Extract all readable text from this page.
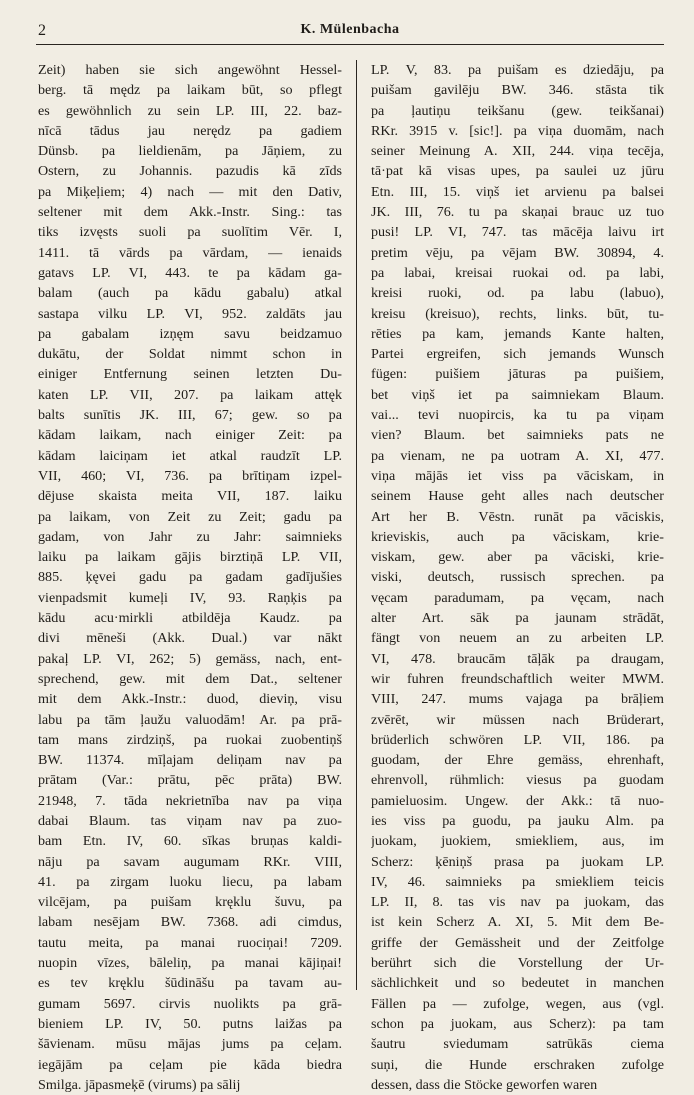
2	K. Mülenbacha
Zeit) haben sie sich angewöhnt Hessel-
berg. tā mędz pa laikam būt, so pflegt
es gewöhnlich zu sein LP. III, 22. baz-
nīcā tādus jau nerędz pa gadiem
Dünsb. pa lieldienām, pa Jāņiem, zu
Ostern, zu Johannis. pazudis kā zīds
pa Miķeļiem; 4) nach — mit den Dativ,
seltener mit dem Akk.-Instr. Sing.: tas
tiks izvęsts suoli pa suolītim Vēr. I,
1411. tā vārds pa vārdam, — ienaids
gatavs LP. VI, 443. te pa kādam ga-
balam (auch pa kādu gabalu) atkal
sastapa vilku LP. VI, 952. zaldāts jau
pa gabalam izņęm savu beidzamuo
dukātu, der Soldat nimmt schon in
einiger Entfernung seinen letzten Du-
katen LP. VII, 207. pa laikam attęk
balts sunītis JK. III, 67; gew. so pa
kādam laikam, nach einiger Zeit: pa
kādam laiciņam iet atkal raudzīt LP.
VII, 460; VI, 736. pa brītiņam izpel-
dējuse skaista meita VII, 187. laiku
pa laikam, von Zeit zu Zeit; gadu pa
gadam, von Jahr zu Jahr: saimnieks
laiku pa laikam gājis birztiņā LP. VII,
885. ķęvei gadu pa gadam gadījušies
vienpadsmit kumeļi IV, 93. Raņķis pa
kādu acu·mirkli atbildēja Kaudz. pa
divi mēneši (Akk. Dual.) var nākt
pakaļ LP. VI, 262; 5) gemäss, nach, ent-
sprechend, gew. mit dem Dat., seltener
mit dem Akk.-Instr.: duod, dieviņ, visu
labu pa tām ļaužu valuodām! Ar. pa prā-
tam mans zirdziņš, pa ruokai zuobentiņš
BW. 11374. mīļajam deliņam nav pa
prātam (Var.: prātu, pēc prāta) BW.
21948, 7. tāda nekrietnība nav pa viņa
dabai Blaum. tas viņam nav pa zuo-
bam Etn. IV, 60. sīkas bruņas kaldi-
nāju pa savam augumam RKr. VIII,
41. pa zirgam luoku liecu, pa labam
vilcējam, pa puišam kręklu šuvu, pa
labam nesējam BW. 7368. adi cimdus,
tautu meita, pa manai ruociņai! 7209.
nuopin vīzes, bāleliņ, pa manai kājiņai!
es tev kręklu šūdināšu pa tavam au-
gumam 5697. cirvis nuolikts pa grā-
bieniem LP. IV, 50. putns laižas pa
šāvienam. mūsu mājas jums pa ceļam.
iegājām pa ceļam pie kāda biedra
Smilga. jāpasmeķē (virums) pa sālij
LP. V, 83. pa puišam es dziedāju, pa
puišam gavilēju BW. 346. stāsta tik
pa ļautiņu teikšanu (gew. teikšanai)
RKr. 3915 v. [sic!]. pa viņa duomām, nach
seiner Meinung A. XII, 244. viņa tecēja,
tā·pat kā visas upes, pa saulei uz jūru
Etn. III, 15. viņš iet arvienu pa balsei
JK. III, 76. tu pa skaņai brauc uz tuo
pusi! LP. VI, 747. tas mācēja laivu irt
pretim vēju, pa vējam BW. 30894, 4.
pa labai, kreisai ruokai od. pa labi,
kreisi ruoki, od. pa labu (labuo),
kreisu (kreisuo), rechts, links. būt, tu-
rēties pa kam, jemands Kante halten,
Partei ergreifen, sich jemands Wunsch
fügen: puišiem jāturas pa puišiem,
bet viņš iet pa saimniekam Blaum.
vai... tevi nuopircis, ka tu pa viņam
vien? Blaum. bet saimnieks pats ne
pa vienam, ne pa uotram A. XI, 477.
viņa mājās iet viss pa vāciskam, in
seinem Hause geht alles nach deutscher
Art her B. Vēstn. runāt pa vāciskis,
krieviskis, auch pa vāciskam, krie-
viskam, gew. aber pa vāciski, krie-
viski, deutsch, russisch sprechen. pa
vęcam paradumam, pa vęcam, nach
alter Art. sāk pa jaunam strādāt,
fängt von neuem an zu arbeiten LP.
VI, 478. braucām tāļāk pa draugam,
wir fuhren freundschaftlich weiter MWM.
VIII, 247. mums vajaga pa brāļiem
zvērēt, wir müssen nach Brüderart,
brüderlich schwören LP. VII, 186. pa
guodam, der Ehre gemäss, ehrenhaft,
ehrenvoll, rühmlich: viesus pa guodam
pamieluosim. Ungew. der Akk.: tā nuo-
ies viss pa guodu, pa jauku Alm. pa
juokam, juokiem, smiekliem, aus, im
Scherz: ķēniņš prasa pa juokam LP.
IV, 46. saimnieks pa smiekliem teicis
LP. II, 8. tas vis nav pa juokam, das
ist kein Scherz A. XI, 5. Mit dem Be-
griffe der Gemässheit und der Zeitfolge
berührt sich die Vorstellung der Ur-
sächlichkeit und so bedeutet in manchen
Fällen pa — zufolge, wegen, aus (vgl.
schon pa juokam, aus Scherz): pa tam
šautru sviedumam satrūkās ciema
suņi, die Hunde erschraken zufolge
dessen, dass die Stöcke geworfen waren
